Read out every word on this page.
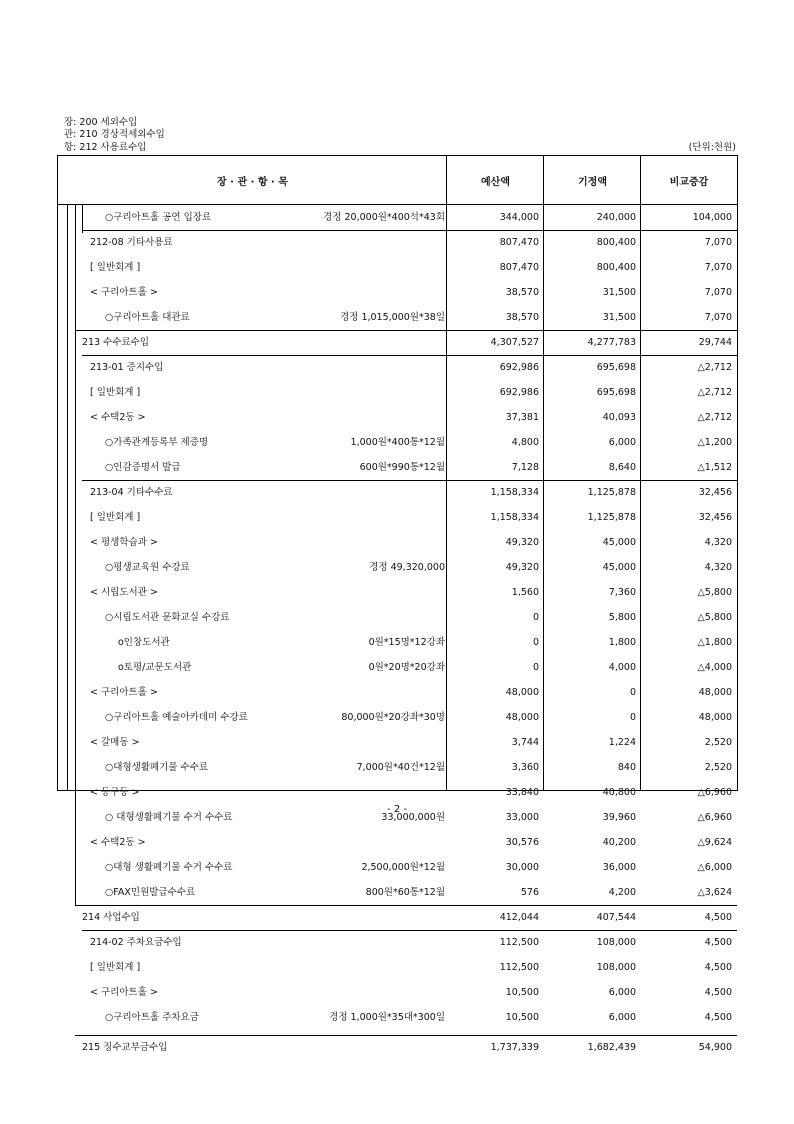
장: 200 세외수입
관: 210 경상적세외수입
항: 212 사용료수입	(단위:천원)
장 · 관 · 항 · 목	예산액	기정액	비교증감
○구리아트홀 공연 입장료	경정 20,000원*400석*43회	344,000	240,000	104,000
212-08 기타사용료	807,470	800,400	7,070
[ 일반회계 ]	807,470	800,400	7,070
< 구리아트홀 >	38,570	31,500	7,070
○구리아트홀 대관료	경정 1,015,000원*38일	38,570	31,500	7,070
213 수수료수입	4,307,527	4,277,783	29,744
213-01 증지수입	692,986	695,698	△2,712
[ 일반회계 ]	692,986	695,698	△2,712
< 수택2동 >	37,381	40,093	△2,712
○가족관계등록부 제증명	1,000원*400통*12월	4,800	6,000	△1,200
○인감증명서 발급	600원*990통*12월	7,128	8,640	△1,512
213-04 기타수수료	1,158,334	1,125,878	32,456
[ 일반회계 ]	1,158,334	1,125,878	32,456
< 평생학습과 >	49,320	45,000	4,320
○평생교육원 수강료	경정 49,320,000	49,320	45,000	4,320
< 시립도서관 >	1,560	7,360	△5,800
○시립도서관 문화교실 수강료	0	5,800	△5,800
o인창도서관	0원*15명*12강좌	0	1,800	△1,800
o토평/교문도서관	0원*20명*20강좌	0	4,000	△4,000
< 구리아트홀 >	48,000	0	48,000
○구리아트홀 예술아카데미 수강료	80,000원*20강좌*30명	48,000	0	48,000
< 갈매동 >	3,744	1,224	2,520
○대형생활폐기물 수수료	7,000원*40건*12월	3,360	840	2,520
< 동구동 >	33,840	40,800	△6,960
○ 대형생활폐기물 수거 수수료	33,000,000원	33,000	39,960	△6,960
< 수택2동 >	30,576	40,200	△9,624
○대형 생활폐기물 수거 수수료	2,500,000원*12월	30,000	36,000	△6,000
○FAX민원발급수수료	800원*60통*12월	576	4,200	△3,624
214 사업수입	412,044	407,544	4,500
214-02 주차요금수입	112,500	108,000	4,500
[ 일반회계 ]	112,500	108,000	4,500
< 구리아트홀 >	10,500	6,000	4,500
○구리아트홀 주차요금	경정 1,000원*35대*300일	10,500	6,000	4,500
215 징수교부금수입	1,737,339	1,682,439	54,900
- 2 -
